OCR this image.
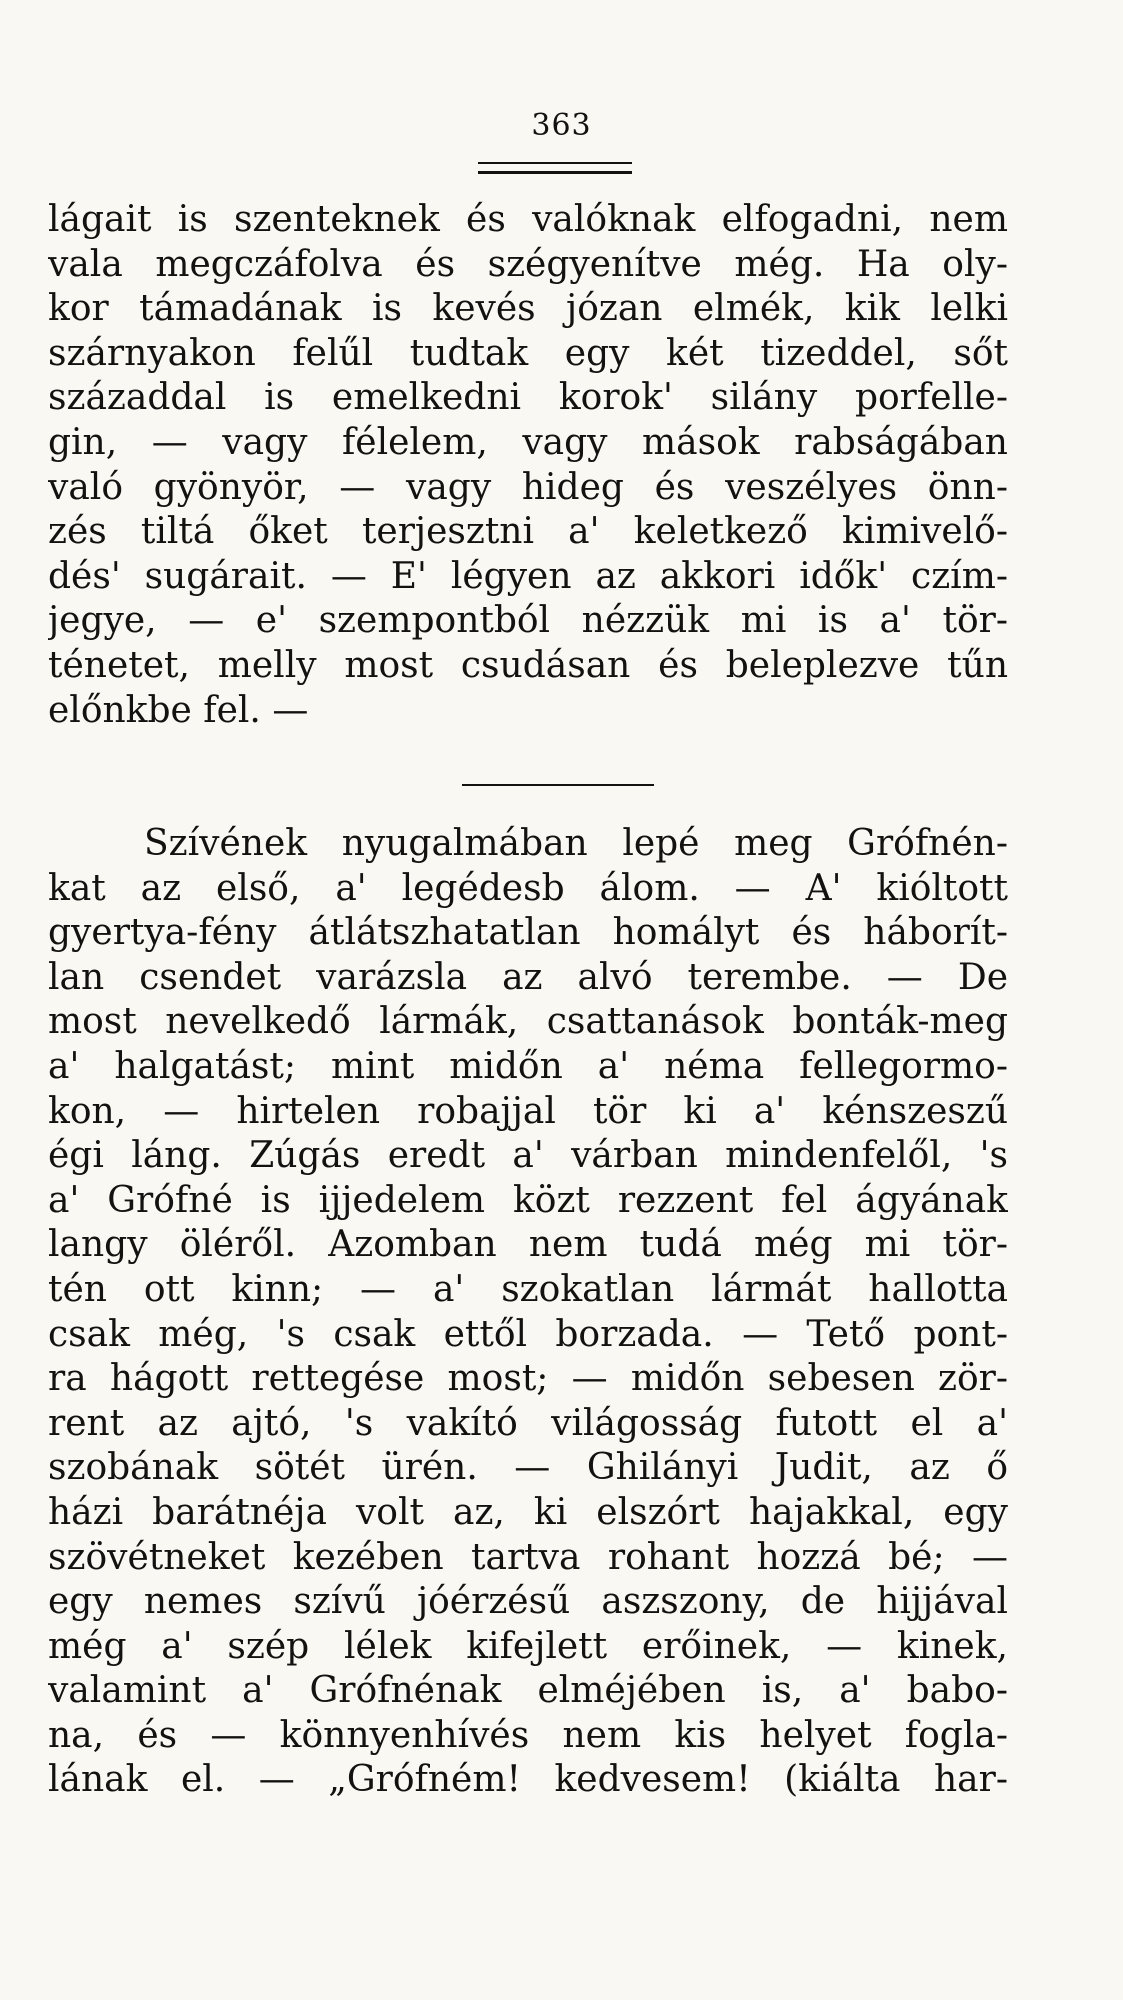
363
lágait is szenteknek és valóknak elfogadni, nem
vala megczáfolva és szégyenítve még. Ha oly-
kor támadának is kevés józan elmék, kik lelki
szárnyakon felűl tudtak egy két tizeddel, sőt
századdal is emelkedni korok' silány porfelle-
gin, — vagy félelem, vagy mások rabságában
való gyönyör, — vagy hideg és veszélyes önn-
zés tiltá őket terjesztni a' keletkező kimivelő-
dés' sugárait. — E' légyen az akkori idők' czím-
jegye, — e' szempontból nézzük mi is a' tör-
ténetet, melly most csudásan és beleplezve tűn
előnkbe fel. —
Szívének nyugalmában lepé meg Grófnén-
kat az első, a' legédesb álom. — A' kióltott
gyertya-fény átlátszhatatlan homályt és háborít-
lan csendet varázsla az alvó terembe. — De
most nevelkedő lármák, csattanások bonták-meg
a' halgatást; mint midőn a' néma fellegormo-
kon, — hirtelen robajjal tör ki a' kénszeszű
égi láng. Zúgás eredt a' várban mindenfelől, 's
a' Grófné is ijjedelem közt rezzent fel ágyának
langy öléről. Azomban nem tudá még mi tör-
tén ott kinn; — a' szokatlan lármát hallotta
csak még, 's csak ettől borzada. — Tető pont-
ra hágott rettegése most; — midőn sebesen zör-
rent az ajtó, 's vakító világosság futott el a'
szobának sötét ürén. — Ghilányi Judit, az ő
házi barátnéja volt az, ki elszórt hajakkal, egy
szövétneket kezében tartva rohant hozzá bé; —
egy nemes szívű jóérzésű aszszony, de hijjával
még a' szép lélek kifejlett erőinek, — kinek,
valamint a' Grófnénak elméjében is, a' babo-
na, és — könnyenhívés nem kis helyet fogla-
lának el. — „Grófném! kedvesem! (kiálta har-
